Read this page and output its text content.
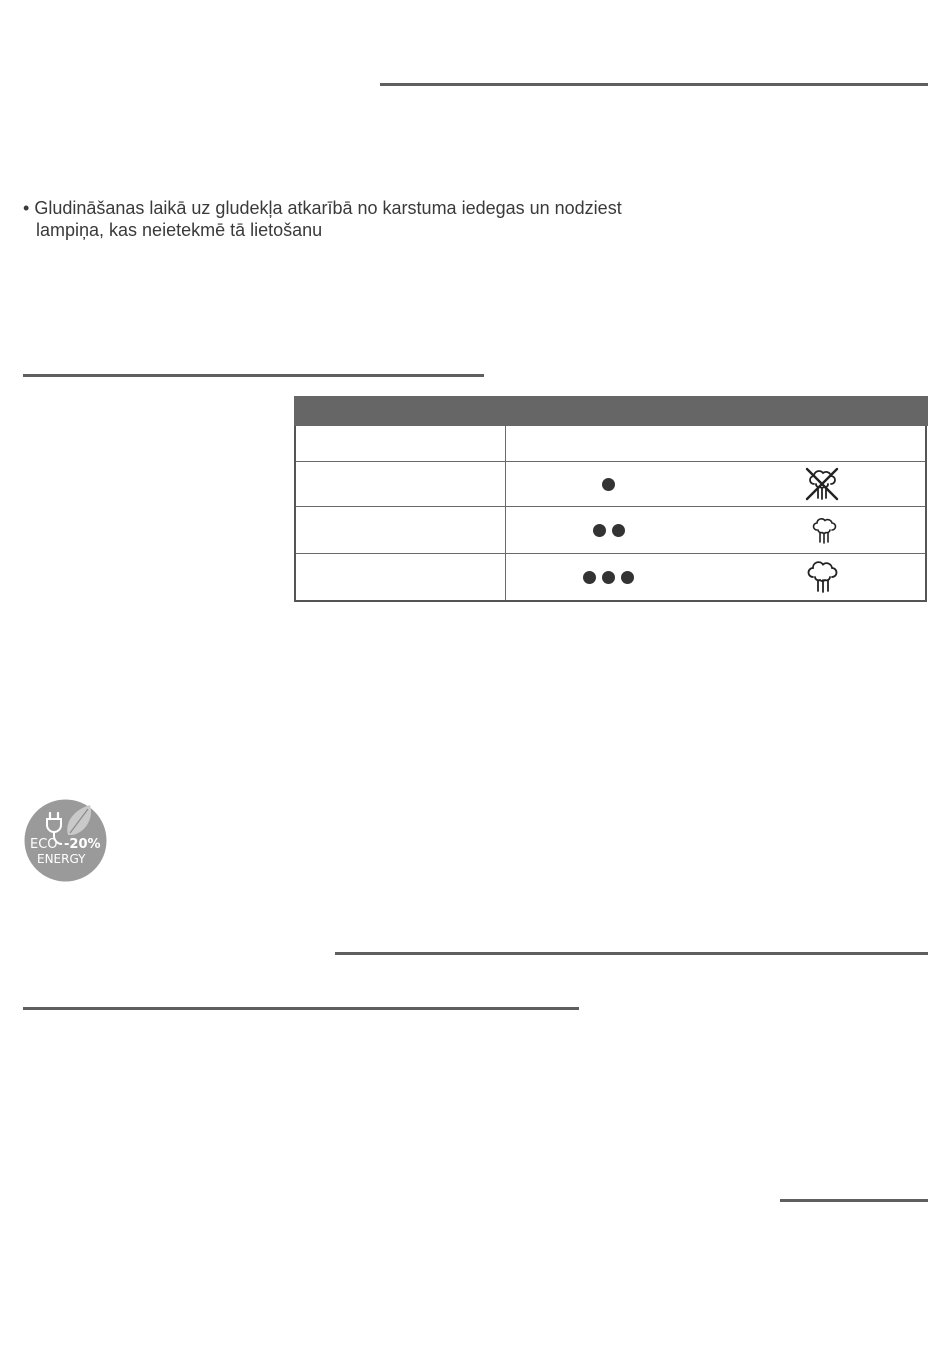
• Gludināšanas laikā uz gludekļa atkarībā no karstuma iedegas un nodziest
lampiņa, kas neietekmē tā lietošanu
ECO -20%
ENERGY
